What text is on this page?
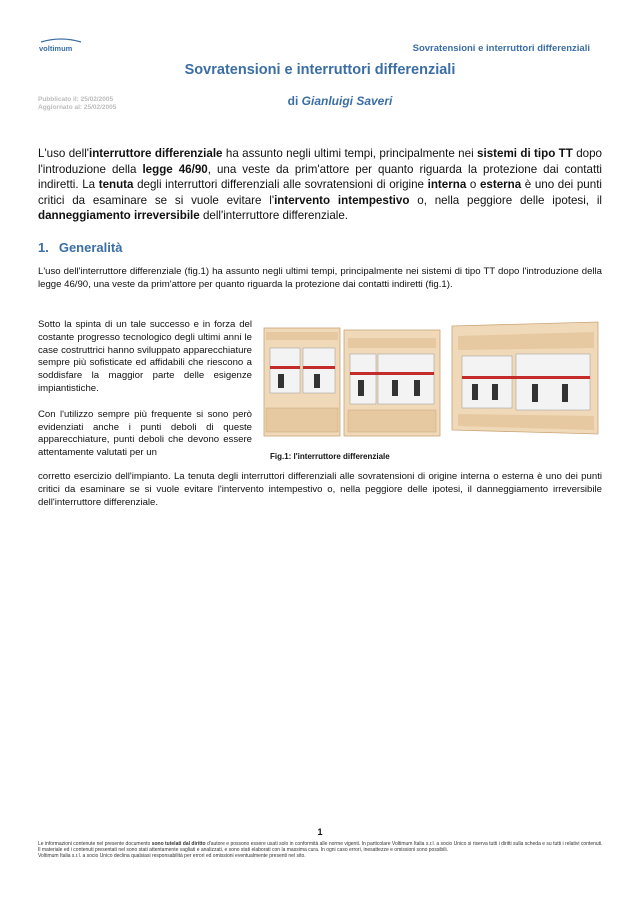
voltimum	Sovratensioni e interruttori differenziali
Sovratensioni e interruttori differenziali
Pubblicato il: 25/02/2005
Aggiornato al: 25/02/2005	di Gianluigi Saveri
L'uso dell'interruttore differenziale ha assunto negli ultimi tempi, principalmente nei sistemi di tipo TT dopo l'introduzione della legge 46/90, una veste da prim'attore per quanto riguarda la protezione dai contatti indiretti. La tenuta degli interruttori differenziali alle sovratensioni di origine interna o esterna è uno dei punti critici da esaminare se si vuole evitare l'intervento intempestivo o, nella peggiore delle ipotesi, il danneggiamento irreversibile dell'interruttore differenziale.
1. Generalità
L'uso dell'interruttore differenziale (fig.1) ha assunto negli ultimi tempi, principalmente nei sistemi di tipo TT dopo l'introduzione della legge 46/90, una veste da prim'attore per quanto riguarda la protezione dai contatti indiretti (fig.1).

Sotto la spinta di un tale successo e in forza del costante progresso tecnologico degli ultimi anni le case costruttrici hanno sviluppato apparecchiature sempre più sofisticate ed affidabili che riescono a soddisfare la maggior parte delle esigenze impiantistiche.

Con l'utilizzo sempre più frequente si sono però evidenziati anche i punti deboli di queste apparecchiature, punti deboli che devono essere attentamente valutati per un	Fig.1: l'interruttore differenziale
corretto esercizio dell'impianto. La tenuta degli interruttori differenziali alle sovratensioni di origine interna o esterna è uno dei punti critici da esaminare se si vuole evitare l'intervento intempestivo o, nella peggiore delle ipotesi, il danneggiamento irreversibile dell'interruttore differenziale.
1
Le informazioni contenute nel presente documento sono tutelati dal diritto d'autore e possono essere usati solo in conformità alle norme vigenti. In particolare Voltimum Italia s.r.l. a socio Unico si riserva tutti i diritti sulla scheda e su tutti i relativi contenuti.
Il materiale ed i contenuti presentati nel sono stati attentamente vagliati e analizzati, e sono stati elaborati con la massima cura. In ogni caso errori, inesattezze e omissioni sono possibili.
Voltimum Italia s.r.l. a socio Unico declina qualsiasi responsabilità per errori ed omissioni eventualmente presenti nel sito.
